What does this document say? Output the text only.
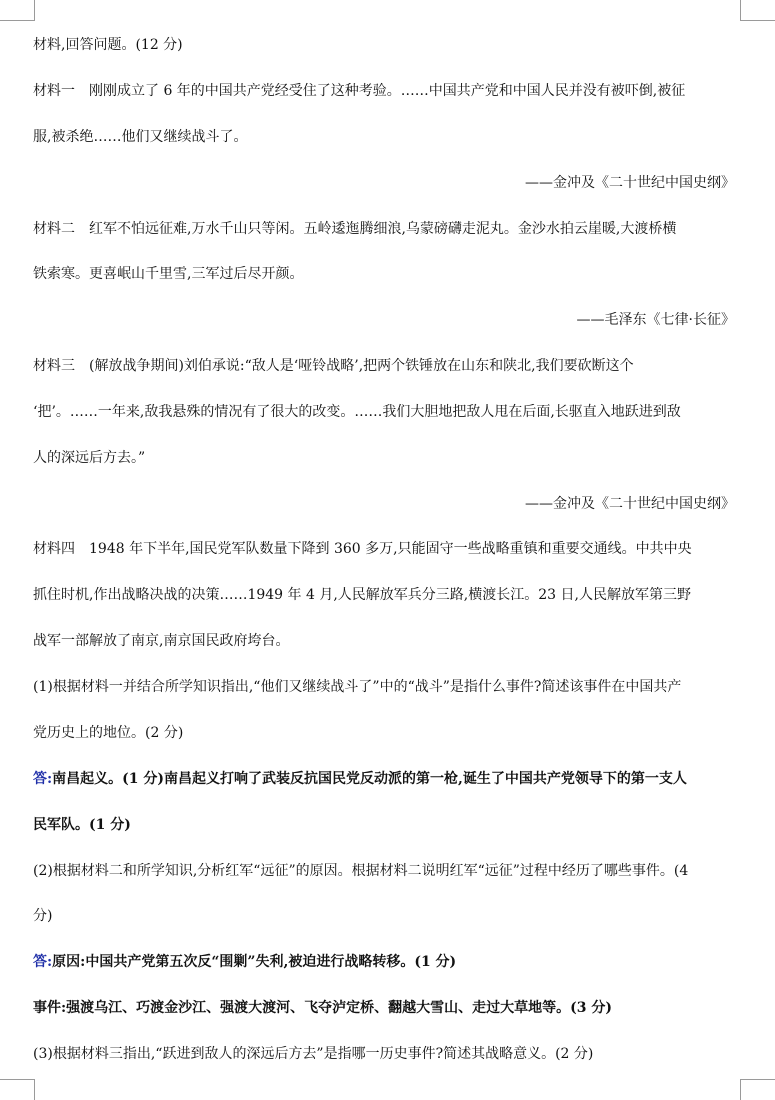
材料,回答问题。(12 分)
材料一　刚刚成立了 6 年的中国共产党经受住了这种考验。……中国共产党和中国人民并没有被吓倒,被征
服,被杀绝……他们又继续战斗了。
——金冲及《二十世纪中国史纲》
材料二　红军不怕远征难,万水千山只等闲。五岭逶迤腾细浪,乌蒙磅礴走泥丸。金沙水拍云崖暖,大渡桥横
铁索寒。更喜岷山千里雪,三军过后尽开颜。
——毛泽东《七律·长征》
材料三　(解放战争期间)刘伯承说:“敌人是‘哑铃战略’,把两个铁锤放在山东和陕北,我们要砍断这个
‘把’。……一年来,敌我悬殊的情况有了很大的改变。……我们大胆地把敌人甩在后面,长驱直入地跃进到敌
人的深远后方去。”
——金冲及《二十世纪中国史纲》
材料四　1948 年下半年,国民党军队数量下降到 360 多万,只能固守一些战略重镇和重要交通线。中共中央
抓住时机,作出战略决战的决策……1949 年 4 月,人民解放军兵分三路,横渡长江。23 日,人民解放军第三野
战军一部解放了南京,南京国民政府垮台。
(1)根据材料一并结合所学知识指出,“他们又继续战斗了”中的“战斗”是指什么事件?简述该事件在中国共产
党历史上的地位。(2 分)
答:南昌起义。(1 分)南昌起义打响了武装反抗国民党反动派的第一枪,诞生了中国共产党领导下的第一支人
民军队。(1 分)
(2)根据材料二和所学知识,分析红军“远征”的原因。根据材料二说明红军“远征”过程中经历了哪些事件。(4
分)
答:原因:中国共产党第五次反“围剿”失利,被迫进行战略转移。(1 分)
事件:强渡乌江、巧渡金沙江、强渡大渡河、飞夺泸定桥、翻越大雪山、走过大草地等。(3 分)
(3)根据材料三指出,“跃进到敌人的深远后方去”是指哪一历史事件?简述其战略意义。(2 分)
